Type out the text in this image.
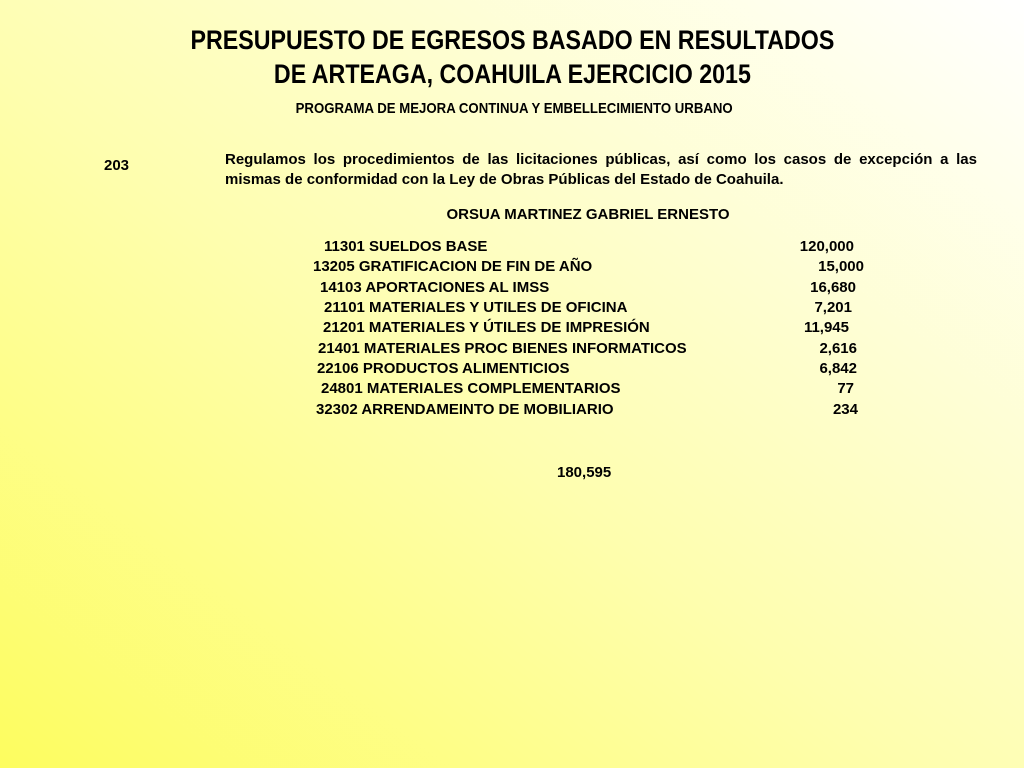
PRESUPUESTO DE EGRESOS BASADO EN RESULTADOS
DE ARTEAGA, COAHUILA EJERCICIO 2015
PROGRAMA DE MEJORA CONTINUA Y EMBELLECIMIENTO URBANO
203	Regulamos los procedimientos de las licitaciones públicas, así como los casos de excepción a las mismas de conformidad con la Ley de Obras Públicas del Estado de Coahuila.
ORSUA MARTINEZ GABRIEL ERNESTO
11301 SUELDOS BASE	120,000
13205 GRATIFICACION DE FIN DE AÑO	15,000
14103 APORTACIONES AL IMSS	16,680
21101 MATERIALES Y UTILES DE OFICINA	7,201
21201 MATERIALES Y ÚTILES DE IMPRESIÓN	11,945
21401 MATERIALES PROC BIENES INFORMATICOS	2,616
22106 PRODUCTOS ALIMENTICIOS	6,842
24801 MATERIALES COMPLEMENTARIOS	77
32302 ARRENDAMEINTO DE MOBILIARIO	234
180,595
